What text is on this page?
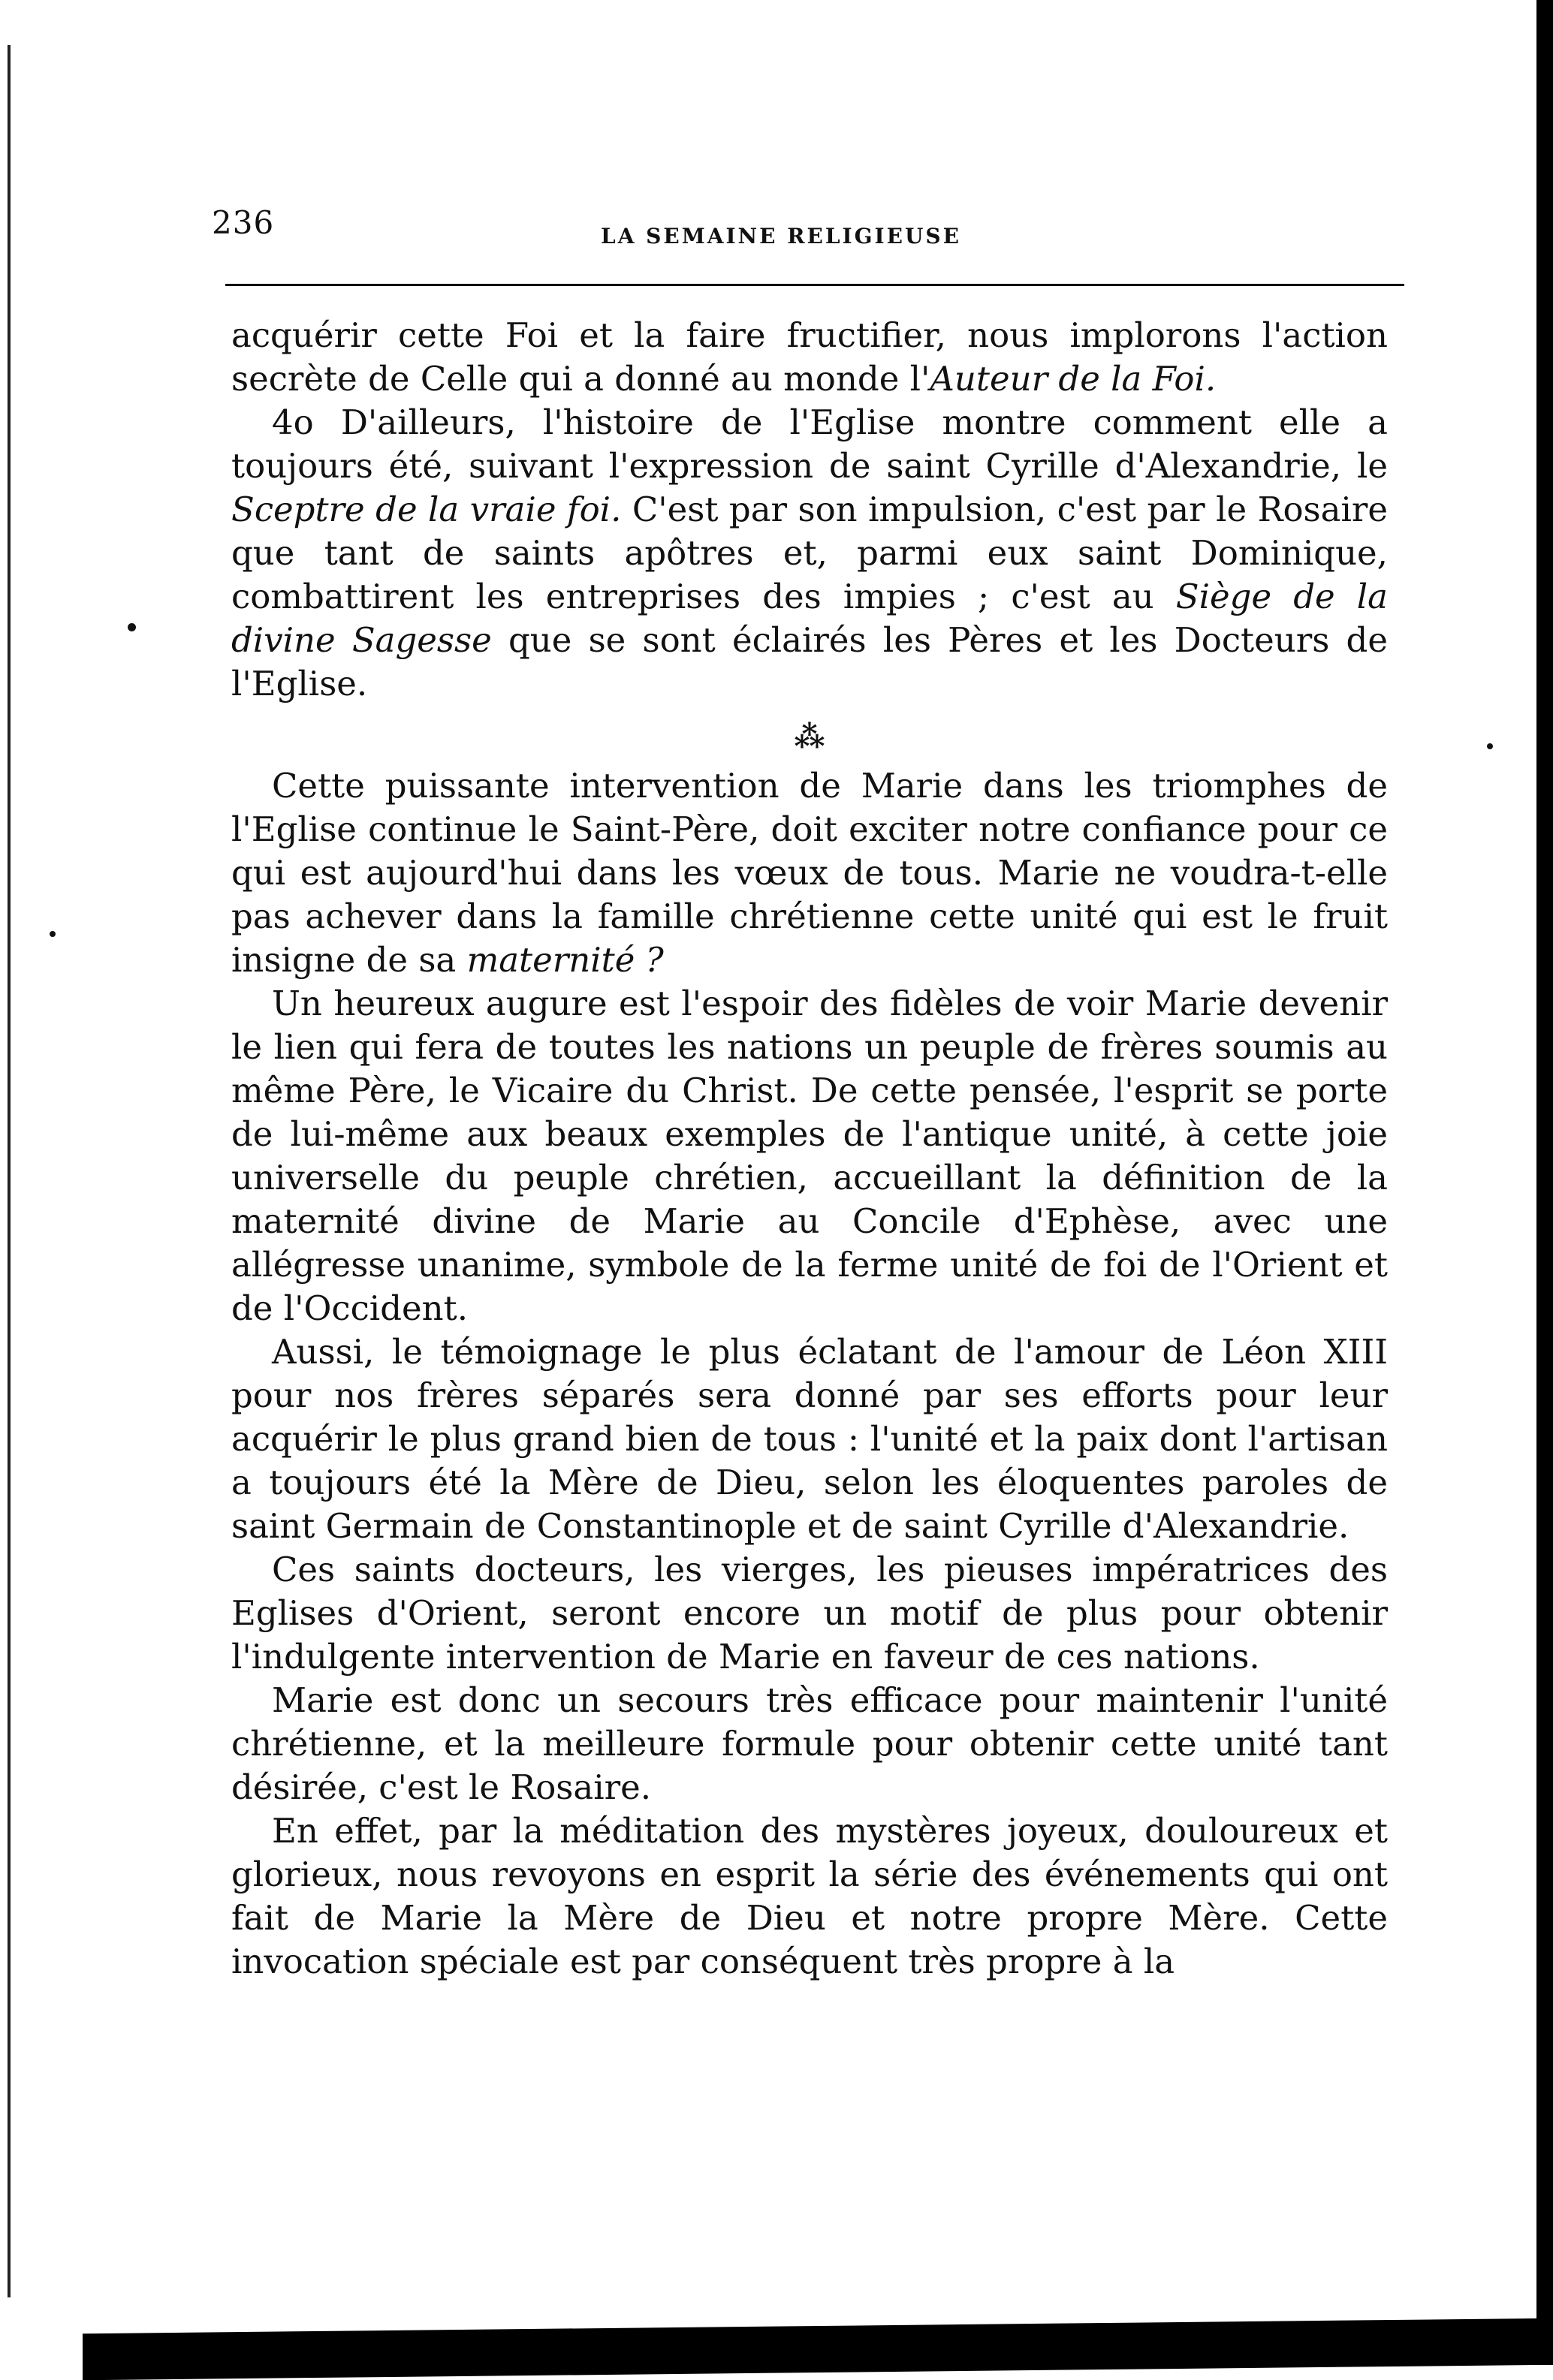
236	LA SEMAINE RELIGIEUSE

acquérir cette Foi et la faire fructifier, nous implorons l'action secrète de Celle qui a donné au monde l'Auteur de la Foi.

4o D'ailleurs, l'histoire de l'Eglise montre comment elle a toujours été, suivant l'expression de saint Cyrille d'Alexandrie, le Sceptre de la vraie foi. C'est par son impulsion, c'est par le Rosaire que tant de saints apôtres et, parmi eux saint Dominique, combattirent les entreprises des impies ; c'est au Siège de la divine Sagesse que se sont éclairés les Pères et les Docteurs de l'Eglise.

⁂

Cette puissante intervention de Marie dans les triomphes de l'Eglise continue le Saint-Père, doit exciter notre confiance pour ce qui est aujourd'hui dans les vœux de tous. Marie ne voudra-t-elle pas achever dans la famille chrétienne cette unité qui est le fruit insigne de sa maternité ?

Un heureux augure est l'espoir des fidèles de voir Marie devenir le lien qui fera de toutes les nations un peuple de frères soumis au même Père, le Vicaire du Christ. De cette pensée, l'esprit se porte de lui-même aux beaux exemples de l'antique unité, à cette joie universelle du peuple chrétien, accueillant la définition de la maternité divine de Marie au Concile d'Ephèse, avec une allégresse unanime, symbole de la ferme unité de foi de l'Orient et de l'Occident.

Aussi, le témoignage le plus éclatant de l'amour de Léon XIII pour nos frères séparés sera donné par ses efforts pour leur acquérir le plus grand bien de tous : l'unité et la paix dont l'artisan a toujours été la Mère de Dieu, selon les éloquentes paroles de saint Germain de Constantinople et de saint Cyrille d'Alexandrie.

Ces saints docteurs, les vierges, les pieuses impératrices des Eglises d'Orient, seront encore un motif de plus pour obtenir l'indulgente intervention de Marie en faveur de ces nations.

Marie est donc un secours très efficace pour maintenir l'unité chrétienne, et la meilleure formule pour obtenir cette unité tant désirée, c'est le Rosaire.

En effet, par la méditation des mystères joyeux, douloureux et glorieux, nous revoyons en esprit la série des événements qui ont fait de Marie la Mère de Dieu et notre propre Mère. Cette invocation spéciale est par conséquent très propre à la
